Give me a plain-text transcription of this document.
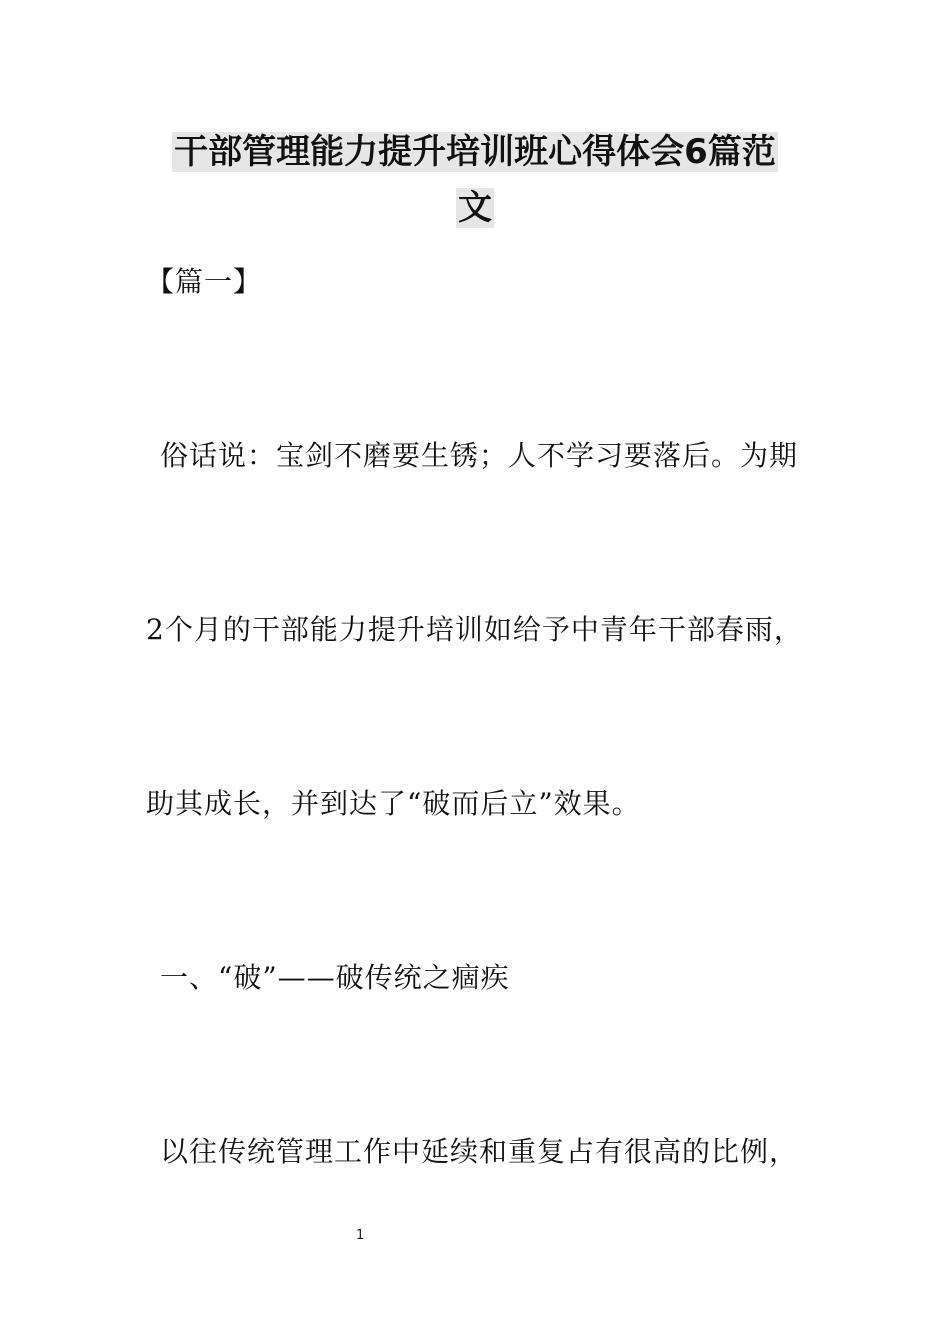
干部管理能力提升培训班心得体会6篇范
文
【篇一】
俗话说：宝剑不磨要生锈；人不学习要落后。为期
2个月的干部能力提升培训如给予中青年干部春雨，
助其成长，并到达了“破而后立”效果。
一、“破”——破传统之痼疾
以往传统管理工作中延续和重复占有很高的比例，
1
